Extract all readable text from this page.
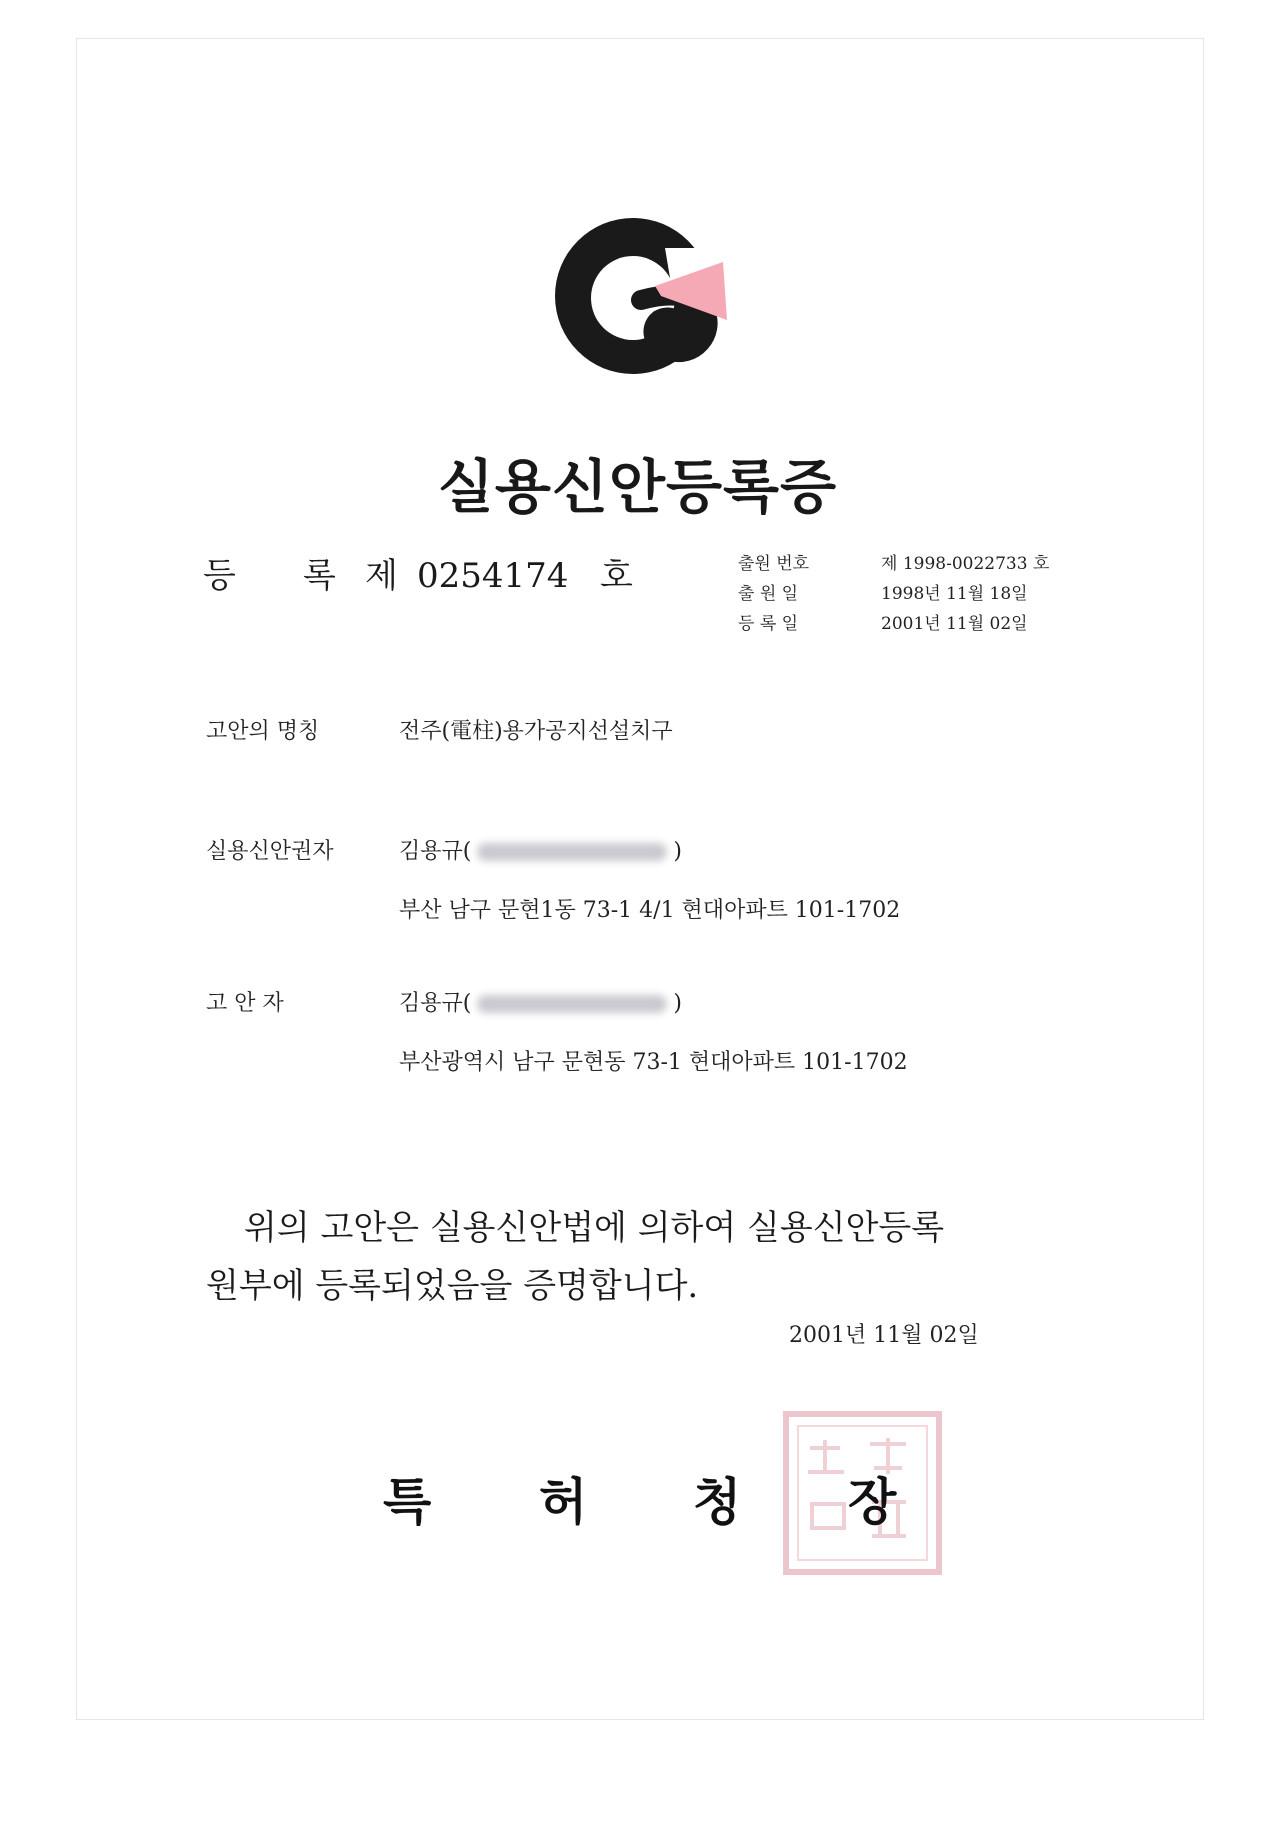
실용신안등록증
등 록 제 0254174 호	출원 번호	제 1998-0022733 호
출 원 일	1998년 11월 18일
등 록 일	2001년 11월 02일
고안의 명칭	전주(電柱)용가공지선설치구
실용신안권자	김용규(	)
부산 남구 문현1동 73-1 4/1 현대아파트 101-1702
고 안 자	김용규(	)
부산광역시 남구 문현동 73-1 현대아파트 101-1702
위의 고안은 실용신안법에 의하여 실용신안등록
원부에 등록되었음을 증명합니다.
2001년 11월 02일
특 허 청 장
